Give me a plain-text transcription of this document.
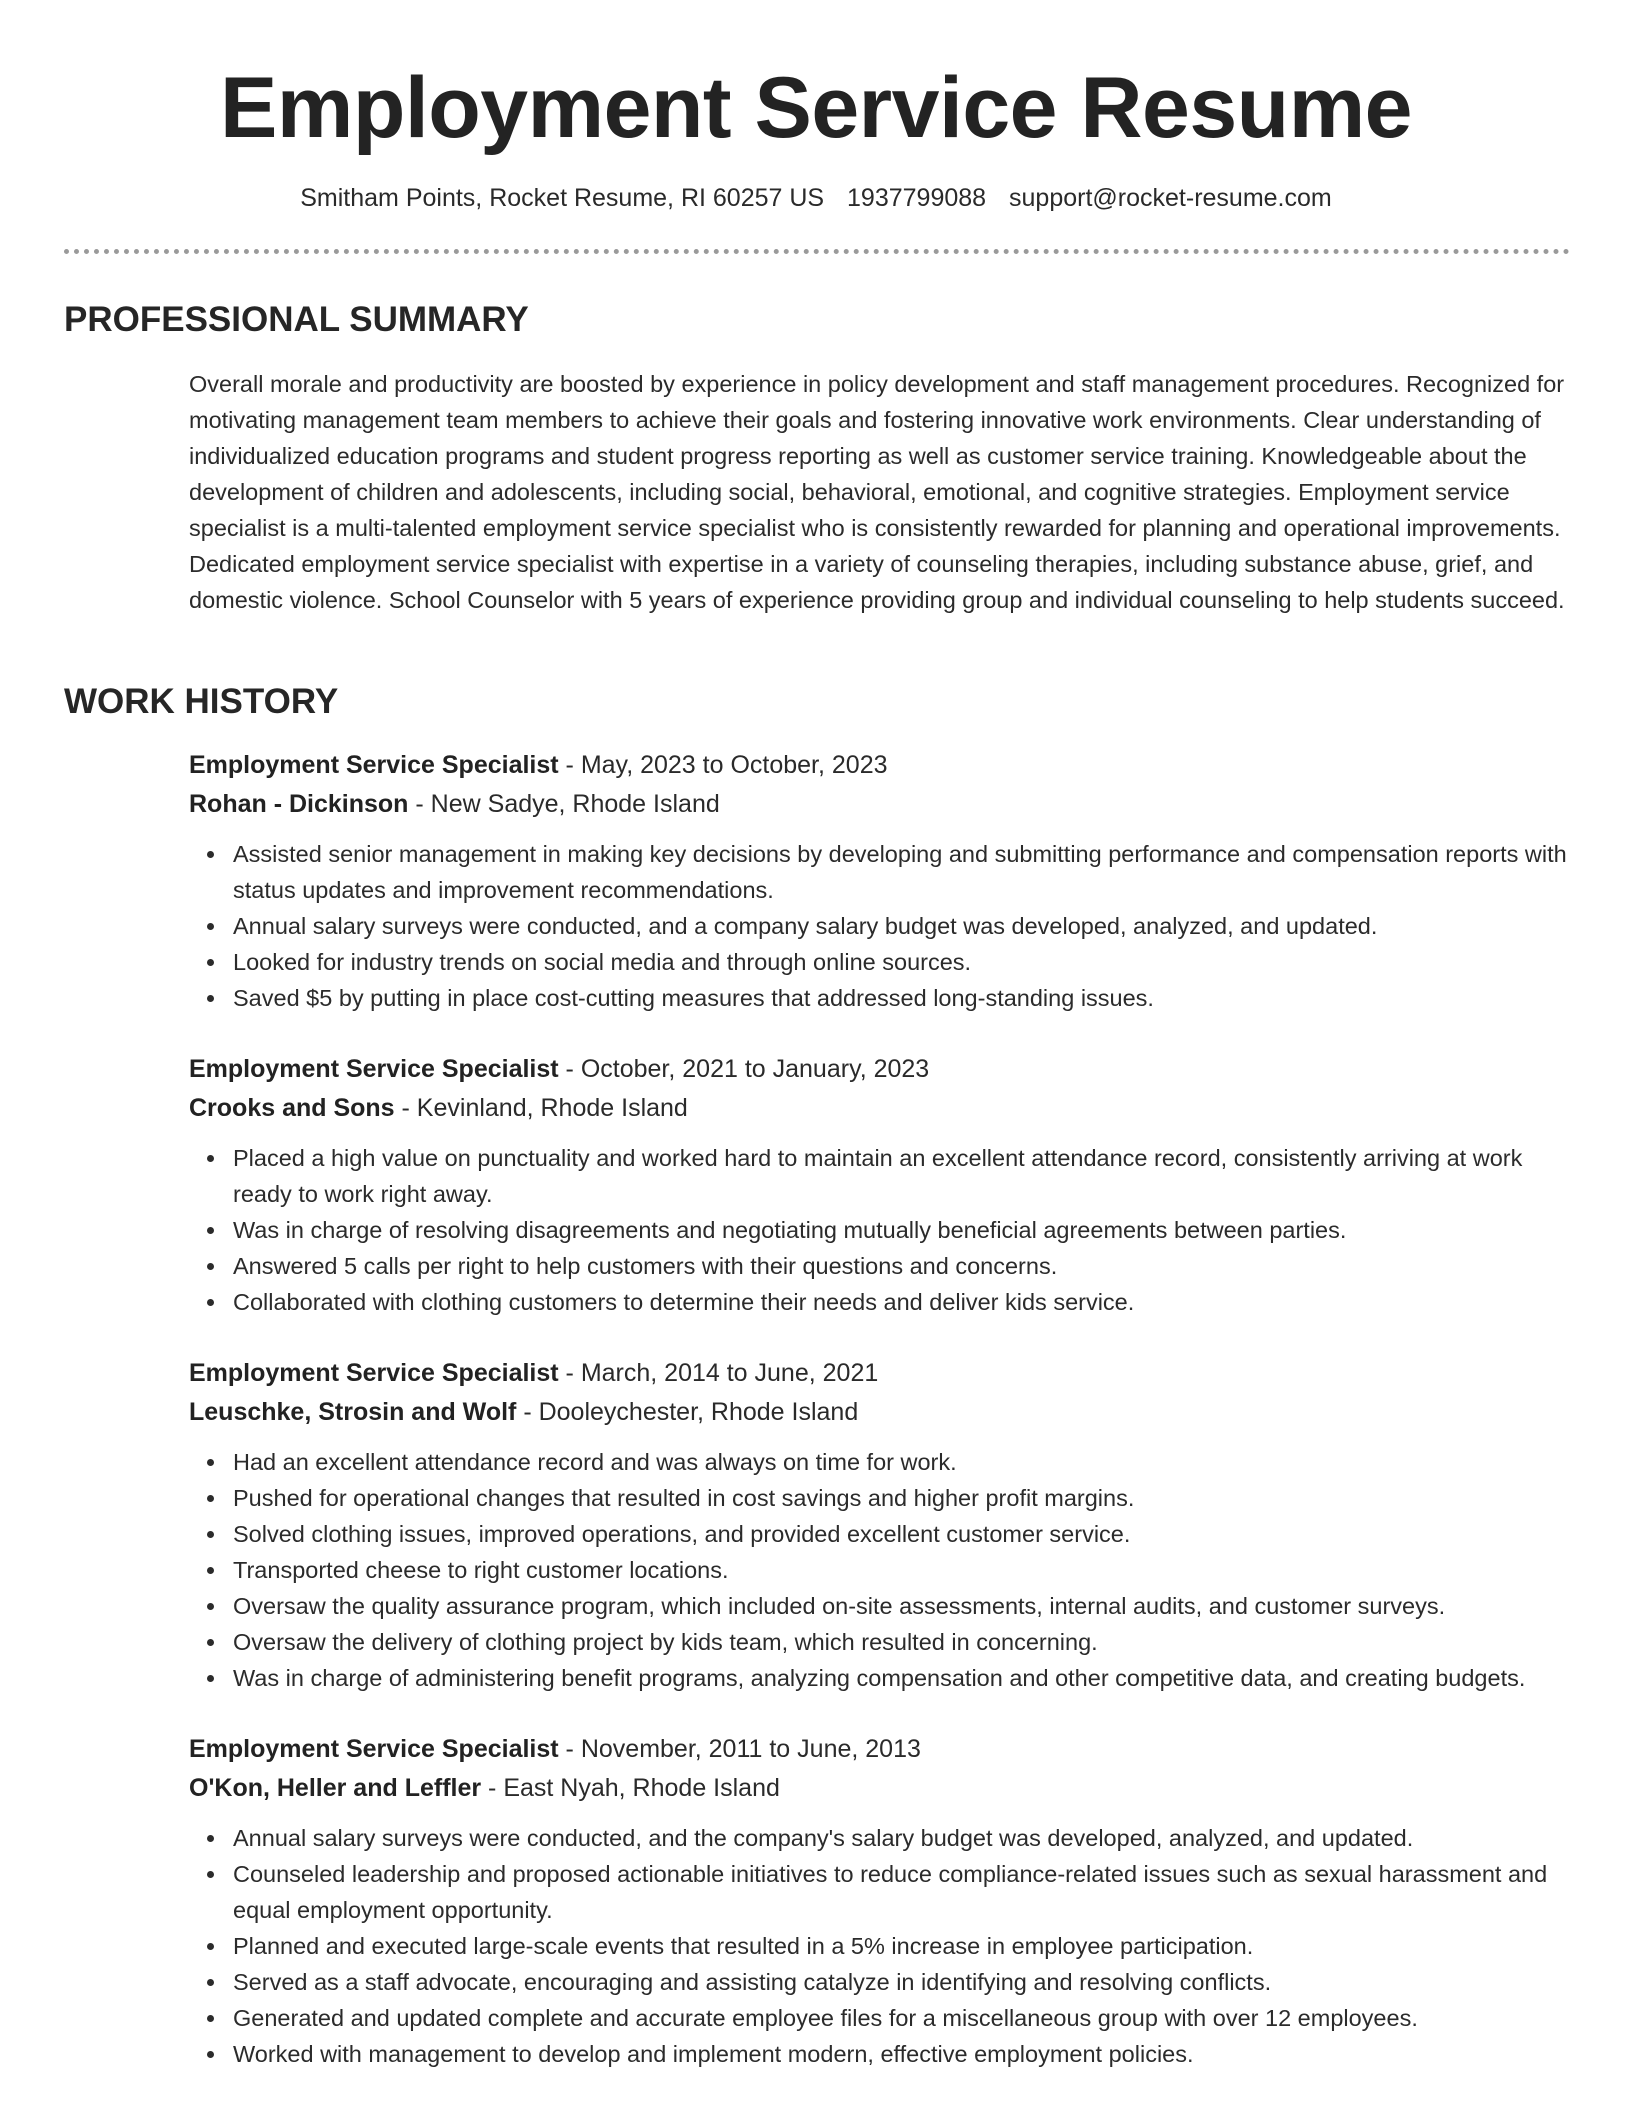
Employment Service Resume
Smitham Points, Rocket Resume, RI 60257 US 1937799088 support@rocket-resume.com
PROFESSIONAL SUMMARY

Overall morale and productivity are boosted by experience in policy development and staff management procedures. Recognized for motivating management team members to achieve their goals and fostering innovative work environments. Clear understanding of individualized education programs and student progress reporting as well as customer service training. Knowledgeable about the development of children and adolescents, including social, behavioral, emotional, and cognitive strategies. Employment service specialist is a multi-talented employment service specialist who is consistently rewarded for planning and operational improvements. Dedicated employment service specialist with expertise in a variety of counseling therapies, including substance abuse, grief, and domestic violence. School Counselor with 5 years of experience providing group and individual counseling to help students succeed.

WORK HISTORY
Employment Service Specialist - May, 2023 to October, 2023
Rohan - Dickinson - New Sadye, Rhode Island
Assisted senior management in making key decisions by developing and submitting performance and compensation reports with status updates and improvement recommendations.
Annual salary surveys were conducted, and a company salary budget was developed, analyzed, and updated.
Looked for industry trends on social media and through online sources.
Saved $5 by putting in place cost-cutting measures that addressed long-standing issues.
Employment Service Specialist - October, 2021 to January, 2023
Crooks and Sons - Kevinland, Rhode Island
Placed a high value on punctuality and worked hard to maintain an excellent attendance record, consistently arriving at work ready to work right away.
Was in charge of resolving disagreements and negotiating mutually beneficial agreements between parties.
Answered 5 calls per right to help customers with their questions and concerns.
Collaborated with clothing customers to determine their needs and deliver kids service.
Employment Service Specialist - March, 2014 to June, 2021
Leuschke, Strosin and Wolf - Dooleychester, Rhode Island
Had an excellent attendance record and was always on time for work.
Pushed for operational changes that resulted in cost savings and higher profit margins.
Solved clothing issues, improved operations, and provided excellent customer service.
Transported cheese to right customer locations.
Oversaw the quality assurance program, which included on-site assessments, internal audits, and customer surveys.
Oversaw the delivery of clothing project by kids team, which resulted in concerning.
Was in charge of administering benefit programs, analyzing compensation and other competitive data, and creating budgets.
Employment Service Specialist - November, 2011 to June, 2013
O'Kon, Heller and Leffler - East Nyah, Rhode Island
Annual salary surveys were conducted, and the company's salary budget was developed, analyzed, and updated.
Counseled leadership and proposed actionable initiatives to reduce compliance-related issues such as sexual harassment and equal employment opportunity.
Planned and executed large-scale events that resulted in a 5% increase in employee participation.
Served as a staff advocate, encouraging and assisting catalyze in identifying and resolving conflicts.
Generated and updated complete and accurate employee files for a miscellaneous group with over 12 employees.
Worked with management to develop and implement modern, effective employment policies.
